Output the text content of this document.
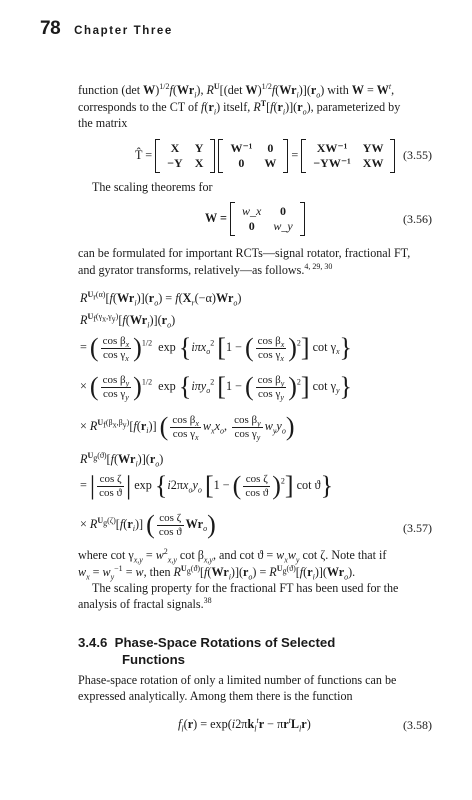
78 Chapter Three
function (det $W)^{1/2}f(Wr_i)$, $R^U[(\det$ $W)^{1/2}f(Wr_i)](r_o)$ with $W = W^t$,
corresponds to the CT of $f(r_i)$ itself, $R^T[f(r_i)](r_o)$, parameterized by
the matrix
T̂ = X	Y
−Y	X

W⁻¹	0
0	W
= XW⁻¹	YW
−YW⁻¹	XW
(3.55)
The scaling theorems for
W = w_x	0
0	w_y	(3.56)
can be formulated for important RCTs—signal rotator, fractional FT,
and gyrator transforms, relatively—as follows.$^{4, 29, 30}$
$R^{U_r(\alpha)}[f(Wr_i)](r_o) = f(X_r(-\alpha)Wr_o)$
$R^{U_f(\gamma_x,\gamma_y)}[f(Wr_i)](r_o)$
= ( $\frac{\cos \beta_x}{\cos \gamma_x} )^{1/2}$ exp {iπx$_o^2$ [1 − ( $\frac{\cos \beta_x}{\cos \gamma_x} )^2$] $\cot \gamma_x$}
× ( $\frac{\cos \beta_y}{\cos \gamma_y} )^{1/2}$ exp {iπy$_o^2$ [1 − ( $\frac{\cos \beta_y}{\cos \gamma_y} )^2$] $\cot \gamma_y$}
× $R^{U_f(\beta_x,\beta_y)}[f(r_i)]$ ( $\frac{\cos \beta_x}{\cos \gamma_x} w_xx_o$, $\frac{\cos \beta_y}{\cos \gamma_y} w_yy_o$)
$R^{U_g(ϑ)}[f(Wr_i)](r_o)$
= | $\frac{\text{cos ζ}}{\text{cos ϑ}}$ | $\exp \{i2\pi x_oy_o$ [1 − ( $\frac{\text{cos ζ}}{\text{cos ϑ}} )^2$] cot ϑ}
× $R^{U_g(\zeta)}[f(r_i)]$ ( $\frac{\text{cos ζ}}{\text{cos ϑ}} Wr_o$)	(3.57)
where $\cot \gamma_{x,y} = w^2_{x,y}$ $\cot \beta_{x,y}$, and $\cot ϑ = w_xw_y$ cot ζ. Note that if
$w_x = w_y^{-1} = w$, then $R^{U_g(ϑ)}[f(Wr_i)](r_o) = R^{U_g(ϑ)}[f(r_i)](Wr_o)$.
The scaling property for the fractional FT has been used for the
analysis of fractal signals.$^{38}$
3.4.6 Phase-Space Rotations of Selected
Functions
Phase-space rotation of only a limited number of functions can be
expressed analytically. Among them there is the function
$f_l(r) = \exp(i2\pi k_l^tr - \pi r^tL_lr)$	(3.58)
